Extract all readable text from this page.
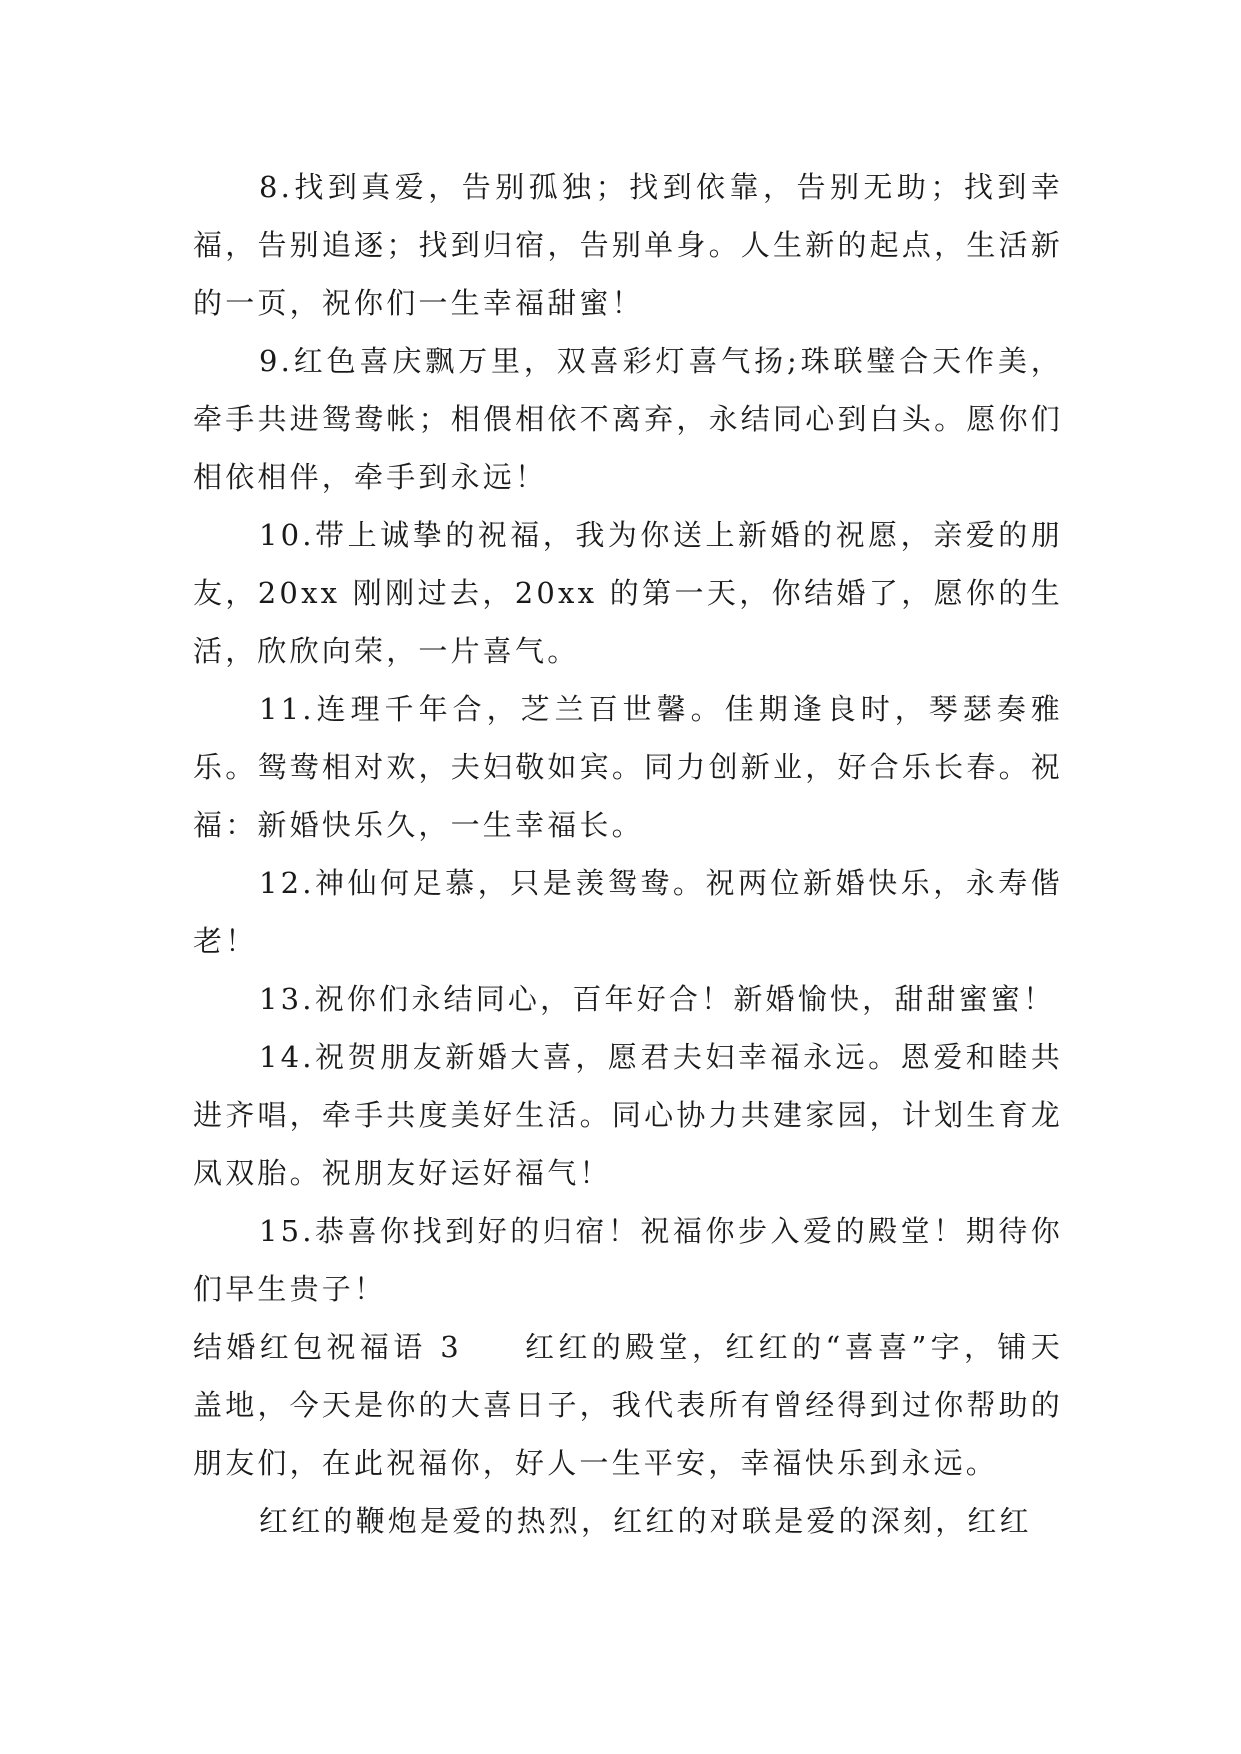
8.找到真爱，告别孤独；找到依靠，告别无助；找到幸福，告别追逐；找到归宿，告别单身。人生新的起点，生活新的一页，祝你们一生幸福甜蜜！

9.红色喜庆飘万里，双喜彩灯喜气扬;珠联璧合天作美，牵手共进鸳鸯帐；相偎相依不离弃，永结同心到白头。愿你们相依相伴，牵手到永远！

10.带上诚挚的祝福，我为你送上新婚的祝愿，亲爱的朋友，20xx 刚刚过去，20xx 的第一天，你结婚了，愿你的生活，欣欣向荣，一片喜气。

11.连理千年合，芝兰百世馨。佳期逢良时，琴瑟奏雅乐。鸳鸯相对欢，夫妇敬如宾。同力创新业，好合乐长春。祝福：新婚快乐久，一生幸福长。

12.神仙何足慕，只是羡鸳鸯。祝两位新婚快乐，永寿偕老！

13.祝你们永结同心，百年好合！新婚愉快，甜甜蜜蜜！

14.祝贺朋友新婚大喜，愿君夫妇幸福永远。恩爱和睦共进齐唱，牵手共度美好生活。同心协力共建家园，计划生育龙凤双胎。祝朋友好运好福气！

15.恭喜你找到好的归宿！祝福你步入爱的殿堂！期待你们早生贵子！

结婚红包祝福语 3 红红的殿堂，红红的“喜喜”字，铺天盖地，今天是你的大喜日子，我代表所有曾经得到过你帮助的朋友们，在此祝福你，好人一生平安，幸福快乐到永远。

红红的鞭炮是爱的热烈，红红的对联是爱的深刻，红红
